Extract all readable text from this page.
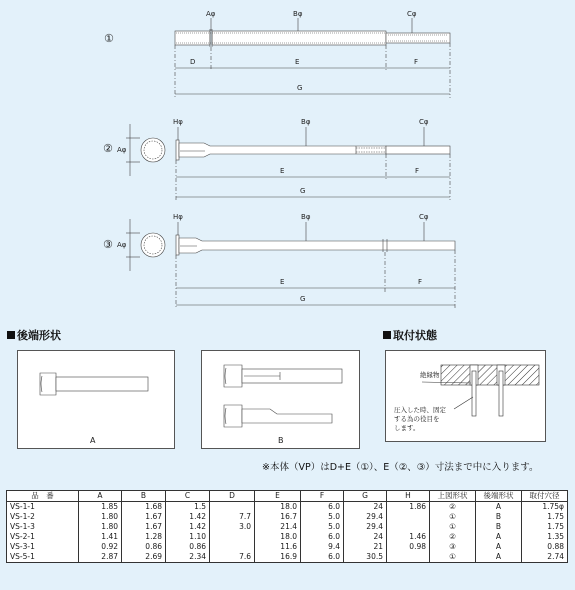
①
②
③
Aφ	Bφ	Cφ
D	E	F
G
Aφ
Hφ	Bφ	Cφ
E	F
G
Aφ
Hφ	Bφ	Cφ
E	F
G
後端形状
A	B
取付状態
絶縁物
圧入した時、固定
する為の役目を
します。
※本体（VP）はD+E（①）、E（②、③）寸法まで中に入ります。
品　番	A	B	C	D	E	F	G	H	上図形状	後端形状	取付穴径
VS-1-1	1.85	1.68	1.5		18.0	6.0	24	1.86	②	A	1.75φ
VS-1-2	1.80	1.67	1.42	7.7	16.7	5.0	29.4		①	B	1.75
VS-1-3	1.80	1.67	1.42	3.0	21.4	5.0	29.4		①	B	1.75
VS-2-1	1.41	1.28	1.10		18.0	6.0	24	1.46	②	A	1.35
VS-3-1	0.92	0.86	0.86		11.6	9.4	21	0.98	③	A	0.88
VS-5-1	2.87	2.69	2.34	7.6	16.9	6.0	30.5		①	A	2.74
